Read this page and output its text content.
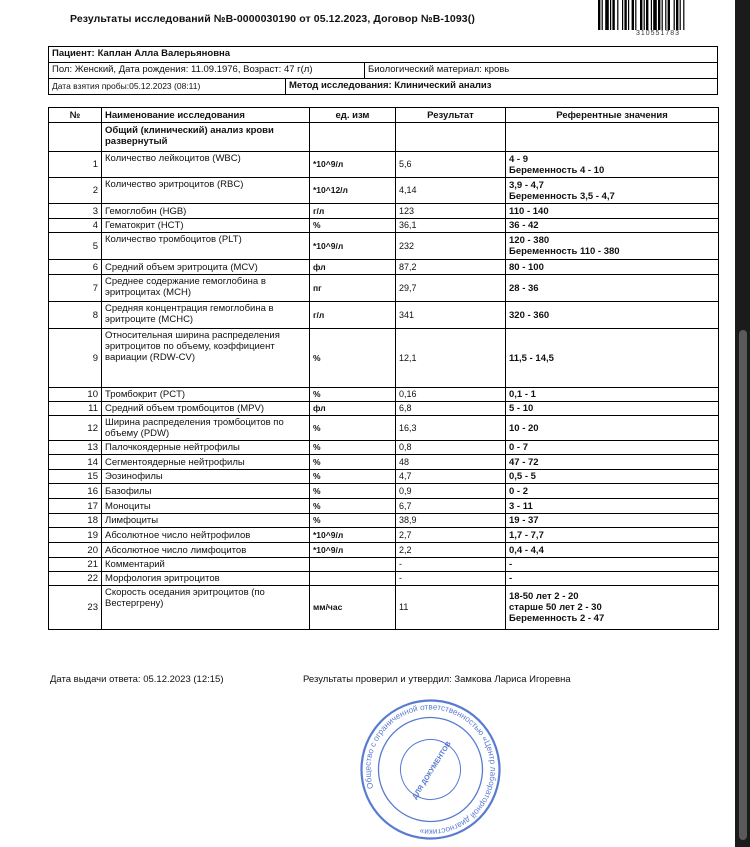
Результаты исследований №В-0000030190 от 05.12.2023, Договор №В-1093()
310551783
Пациент: Каплан Алла Валерьяновна
Пол: Женский, Дата рождения: 11.09.1976, Возраст: 47 г(л)	Биологический материал: кровь
Дата взятия пробы:05.12.2023 (08:11)	Метод исследования: Клинический анализ
№	Наименование исследования	ед. изм	Результат	Референтные значения
	Общий (клинический) анализ крови развернутый			
1	Количество лейкоцитов (WBC)	*10^9/л	5,6	4 - 9
Беременность 4 - 10

2	Количество эритроцитов (RBC)	*10^12/л	4,14	3,9 - 4,7
Беременность 3,5 - 4,7

3	Гемоглобин (HGB)	г/л	123	110 - 140

4	Гематокрит (HCT)	%	36,1	36 - 42

5	Количество тромбоцитов (PLT)	*10^9/л	232	120 - 380
Беременность 110 - 380

6	Средний объем эритроцита (MCV)	фл	87,2	80 - 100

7	Среднее содержание гемоглобина в эритроцитах (MCH)	пг	29,7	28 - 36

8	Средняя концентрация гемоглобина в эритроците (MCHC)	г/л	341	320 - 360

9	Относительная ширина распределения эритроцитов по объему, коэффициент вариации (RDW-CV)	%	12,1	11,5 - 14,5

10	Тромбокрит (PCT)	%	0,16	0,1 - 1

11	Средний объем тромбоцитов (MPV)	фл	6,8	5 - 10

12	Ширина распределения тромбоцитов по объему (PDW)	%	16,3	10 - 20

13	Палочкоядерные нейтрофилы	%	0,8	0 - 7

14	Сегментоядерные нейтрофилы	%	48	47 - 72

15	Эозинофилы	%	4,7	0,5 - 5

16	Базофилы	%	0,9	0 - 2

17	Моноциты	%	6,7	3 - 11

18	Лимфоциты	%	38,9	19 - 37

19	Абсолютное число нейтрофилов	*10^9/л	2,7	1,7 - 7,7

20	Абсолютное число лимфоцитов	*10^9/л	2,2	0,4 - 4,4

21	Комментарий		-	-

22	Морфология эритроцитов		-	-

23	Скорость оседания эритроцитов (по Вестергрену)	мм/час	11	18-50 лет 2 - 20
старше 50 лет 2 - 30
Беременность 2 - 47
Дата выдачи ответа: 05.12.2023 (12:15)	Результаты проверил и утвердил: Замкова Лариса Игоревна
Общество с ограниченной ответственностью «Центр лабораторной диагностики»
ДЛЯ ДОКУМЕНТОВ
